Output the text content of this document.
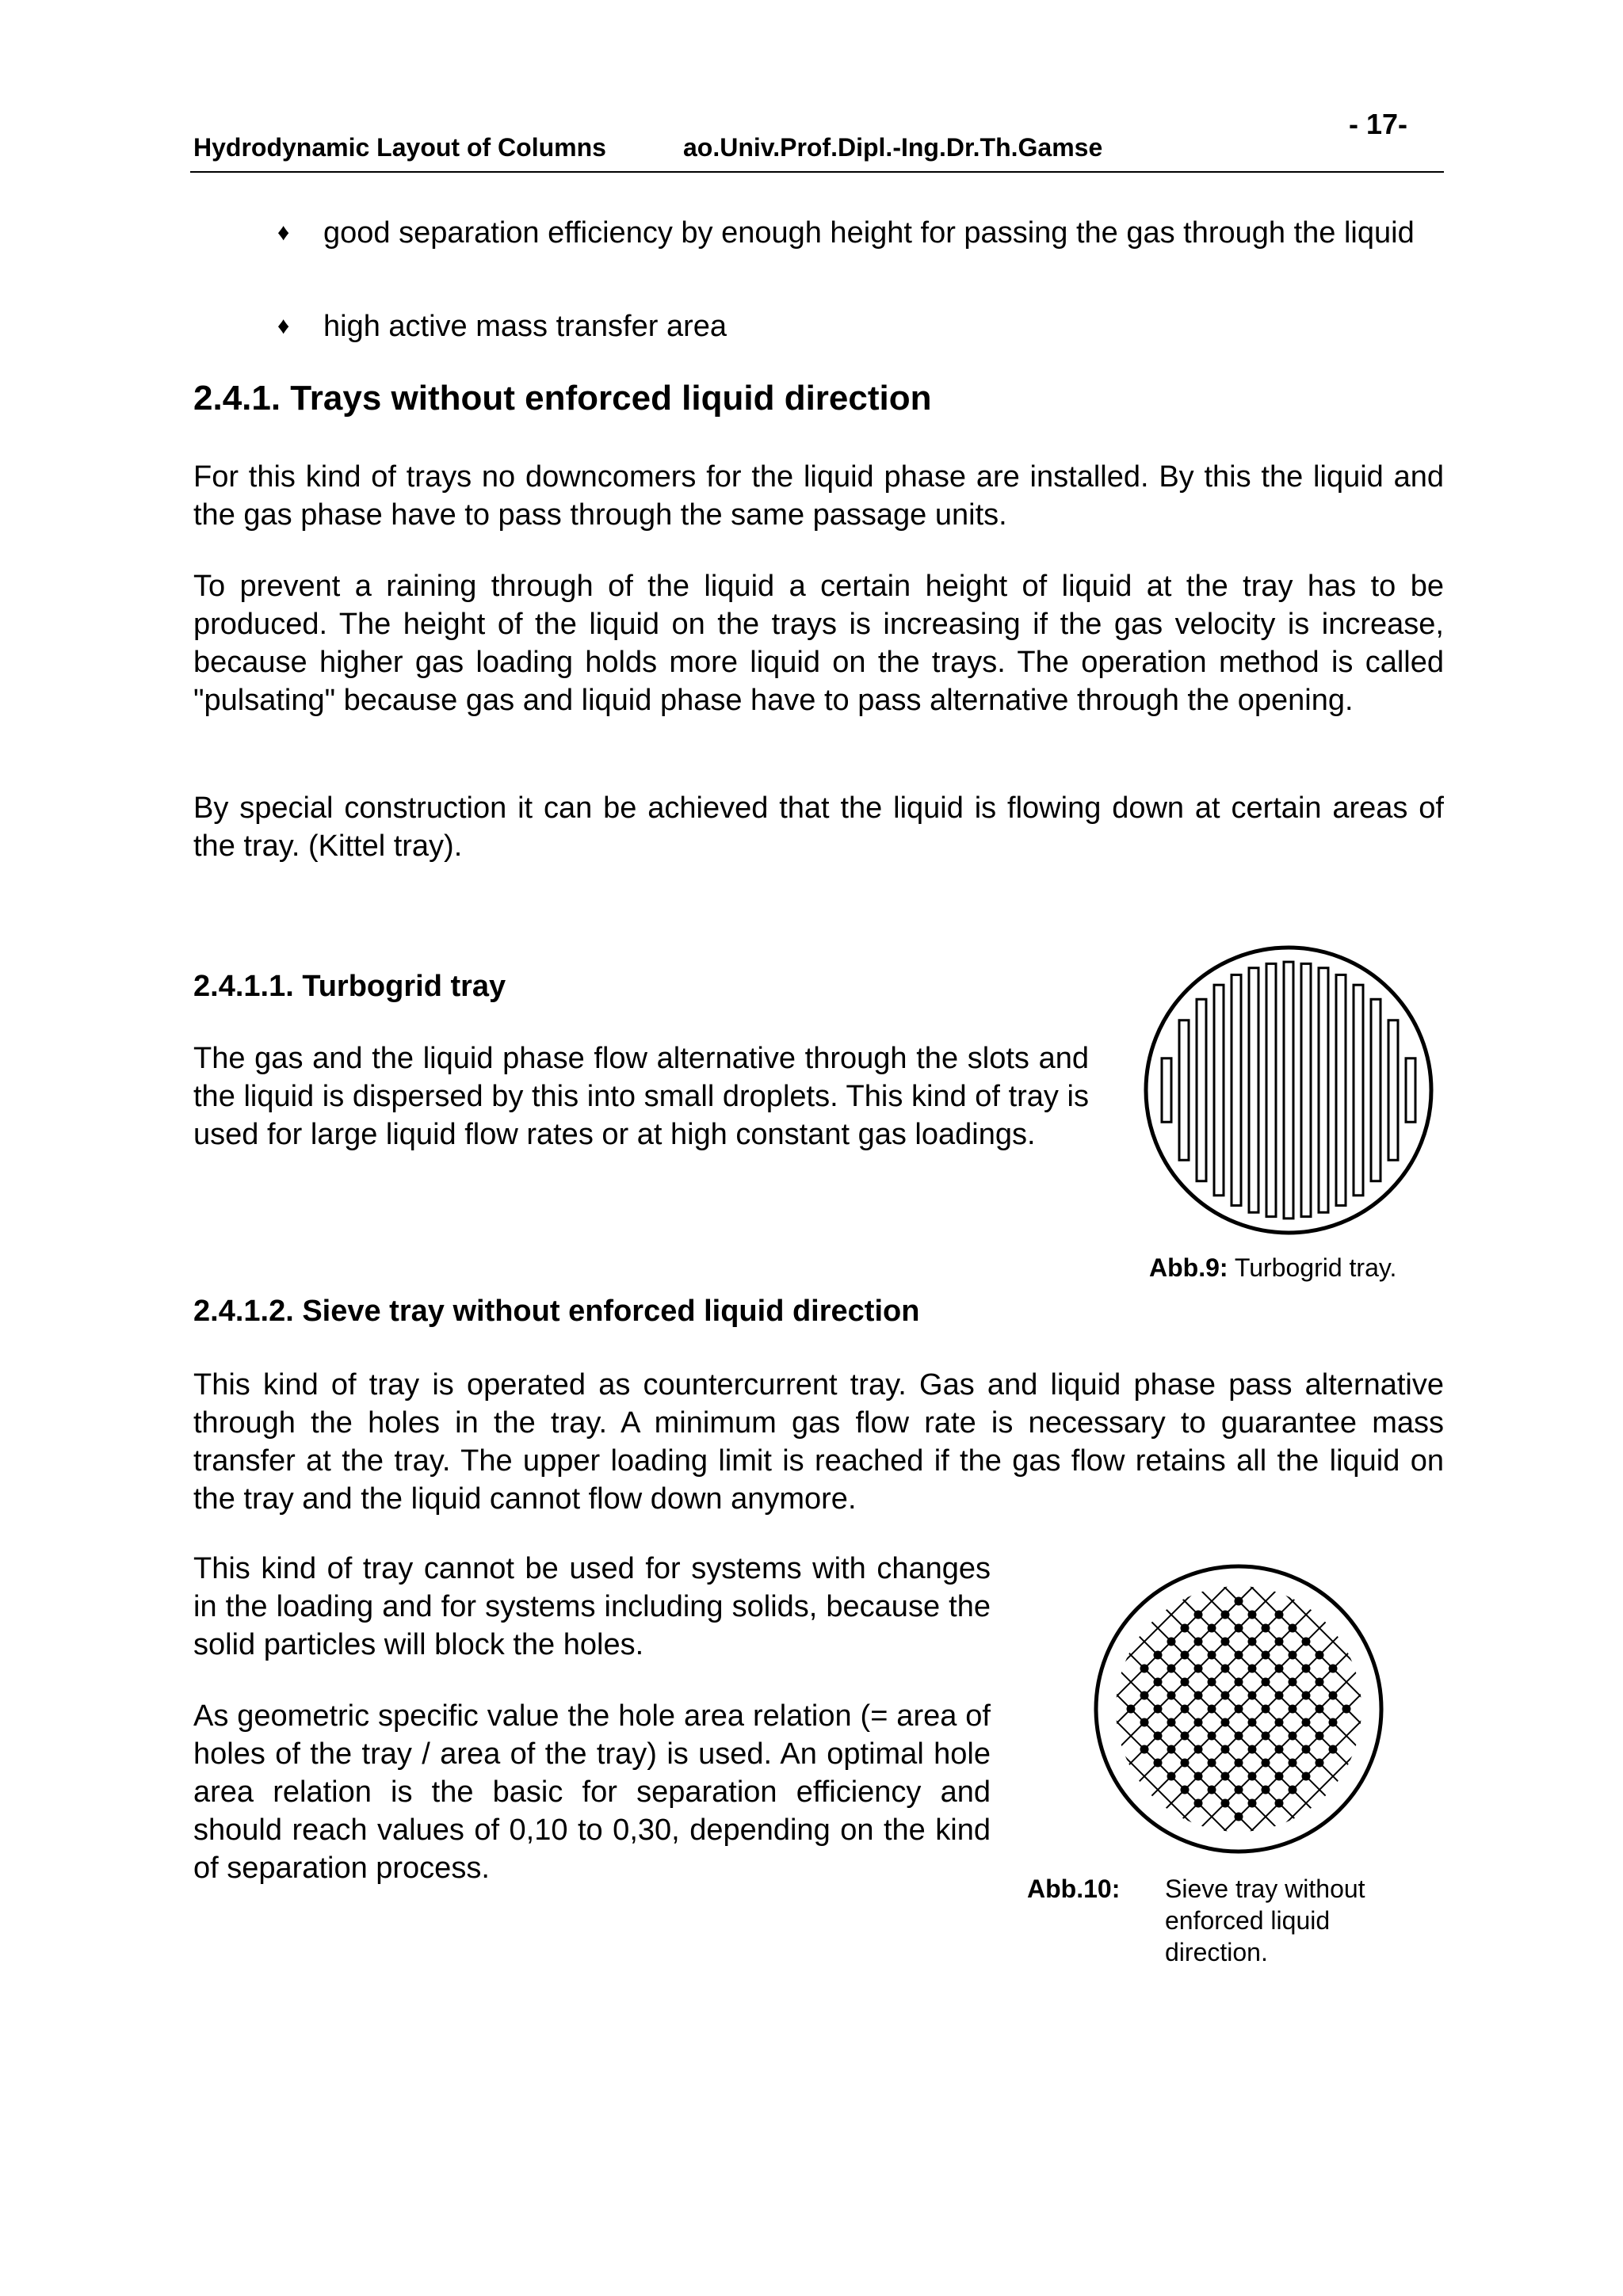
Hydrodynamic Layout of Columns	ao.Univ.Prof.Dipl.-Ing.Dr.Th.Gamse
- 17-
♦ good separation efficiency by enough height for passing the gas through the liquid
♦ high active mass transfer area
2.4.1. Trays without enforced liquid direction
For this kind of trays no downcomers for the liquid phase are installed. By this the liquid and the gas phase have to pass through the same passage units.
To prevent a raining through of the liquid a certain height of liquid at the tray has to be produced. The height of the liquid on the trays is increasing if the gas velocity is increase, because higher gas loading holds more liquid on the trays. The operation method is called "pulsating" because gas and liquid phase have to pass alternative through the opening.
By special construction it can be achieved that the liquid is flowing down at certain areas of the tray. (Kittel tray).
2.4.1.1. Turbogrid tray
The gas and the liquid phase flow alternative through the slots and the liquid is dispersed by this into small droplets. This kind of tray is used for large liquid flow rates or at high constant gas loadings.
Abb.9: Turbogrid tray.
2.4.1.2. Sieve tray without enforced liquid direction
This kind of tray is operated as countercurrent tray. Gas and liquid phase pass alternative through the holes in the tray. A minimum gas flow rate is necessary to guarantee mass transfer at the tray. The upper loading limit is reached if the gas flow retains all the liquid on the tray and the liquid cannot flow down anymore.
This kind of tray cannot be used for systems with changes in the loading and for systems including solids, because the solid particles will block the holes.
As geometric specific value the hole area relation (= area of holes of the tray / area of the tray) is used. An optimal hole area relation is the basic for separation efficiency and should reach values of 0,10 to 0,30, depending on the kind of separation process.
Abb.10: Sieve tray without enforced liquid direction.
